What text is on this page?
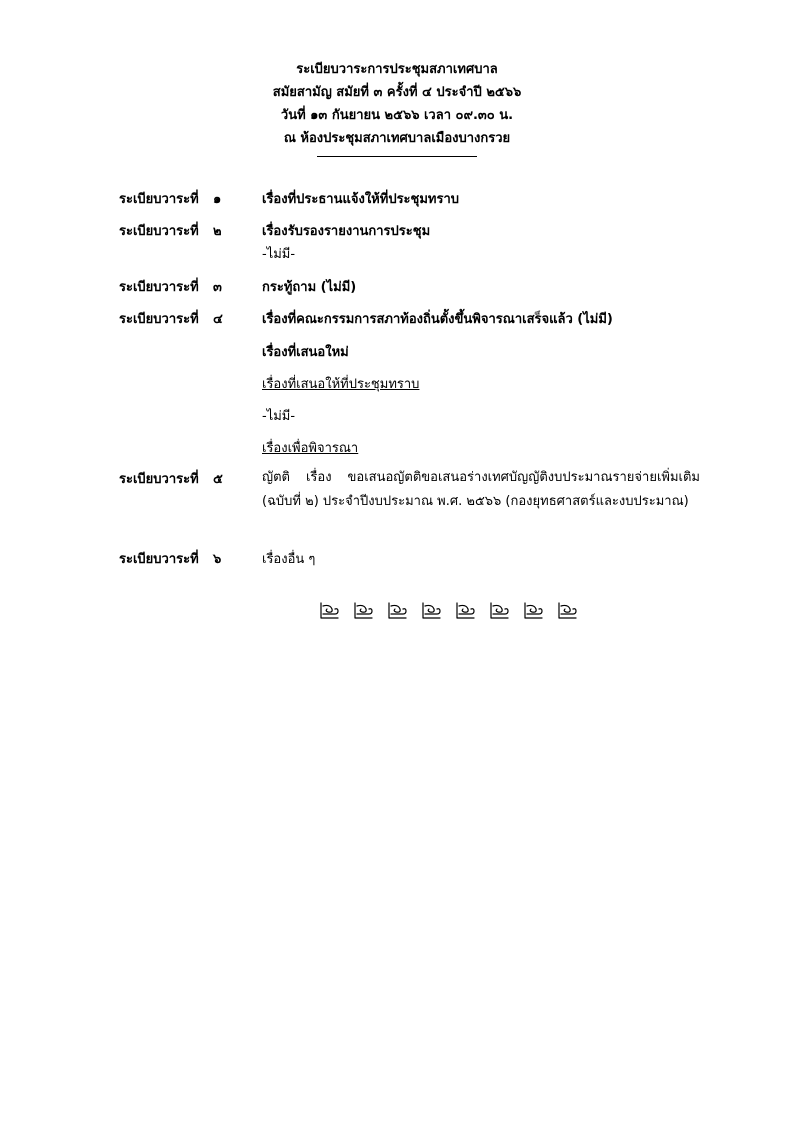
ระเบียบวาระการประชุมสภาเทศบาล
สมัยสามัญ สมัยที่ ๓ ครั้งที่ ๔ ประจำปี ๒๕๖๖
วันที่ ๑๓ กันยายน ๒๕๖๖ เวลา ๐๙.๓๐ น.
ณ ห้องประชุมสภาเทศบาลเมืองบางกรวย
ระเบียบวาระที่ ๑	เรื่องที่ประธานแจ้งให้ที่ประชุมทราบ
ระเบียบวาระที่ ๒	เรื่องรับรองรายงานการประชุม
-ไม่มี-
ระเบียบวาระที่ ๓	กระทู้ถาม (ไม่มี)
ระเบียบวาระที่ ๔	เรื่องที่คณะกรรมการสภาท้องถิ่นตั้งขึ้นพิจารณาเสร็จแล้ว (ไม่มี)
เรื่องที่เสนอใหม่
เรื่องที่เสนอให้ที่ประชุมทราบ
-ไม่มี-
เรื่องเพื่อพิจารณา
ระเบียบวาระที่ ๕	ญัตติ เรื่อง ขอเสนอญัตติขอเสนอร่างเทศบัญญัติงบประมาณรายจ่ายเพิ่มเติม (ฉบับที่ ๒) ประจำปีงบประมาณ พ.ศ. ๒๕๖๖ (กองยุทธศาสตร์และงบประมาณ)
ระเบียบวาระที่ ๖	เรื่องอื่น ๆ
